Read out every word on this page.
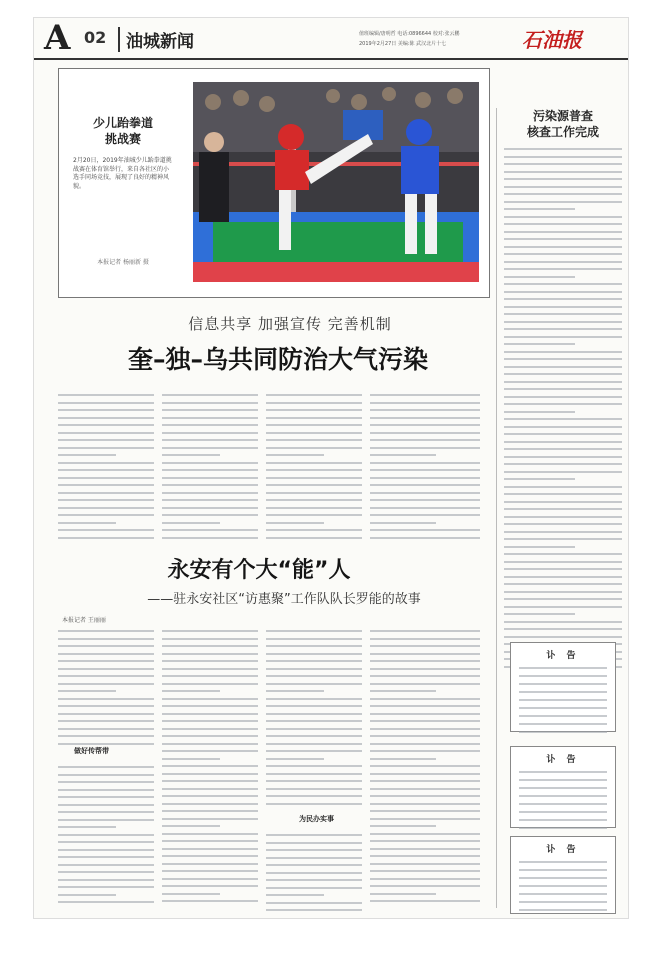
A 02	油城新闻	值班编辑/唐明哲 电话:0896644 校对:张云鹏
2019年2月27日 美编:陈 武汉北片十七	石油报
少儿跆拳道
挑战赛
2月20日，2019年油城少儿跆拳道挑战赛在体育馆举行，来自各社区的小选手同场竞技，展现了良好的精神风貌。
本报记者 杨丽新 摄
污染源普查
核查工作完成
信息共享 加强宣传 完善机制
奎–独–乌共同防治大气污染
永安有个大“能”人
——驻永安社区“访惠聚”工作队队长罗能的故事
本报记者 王丽丽
做好传帮带
为民办实事
讣 告
讣 告
讣 告
